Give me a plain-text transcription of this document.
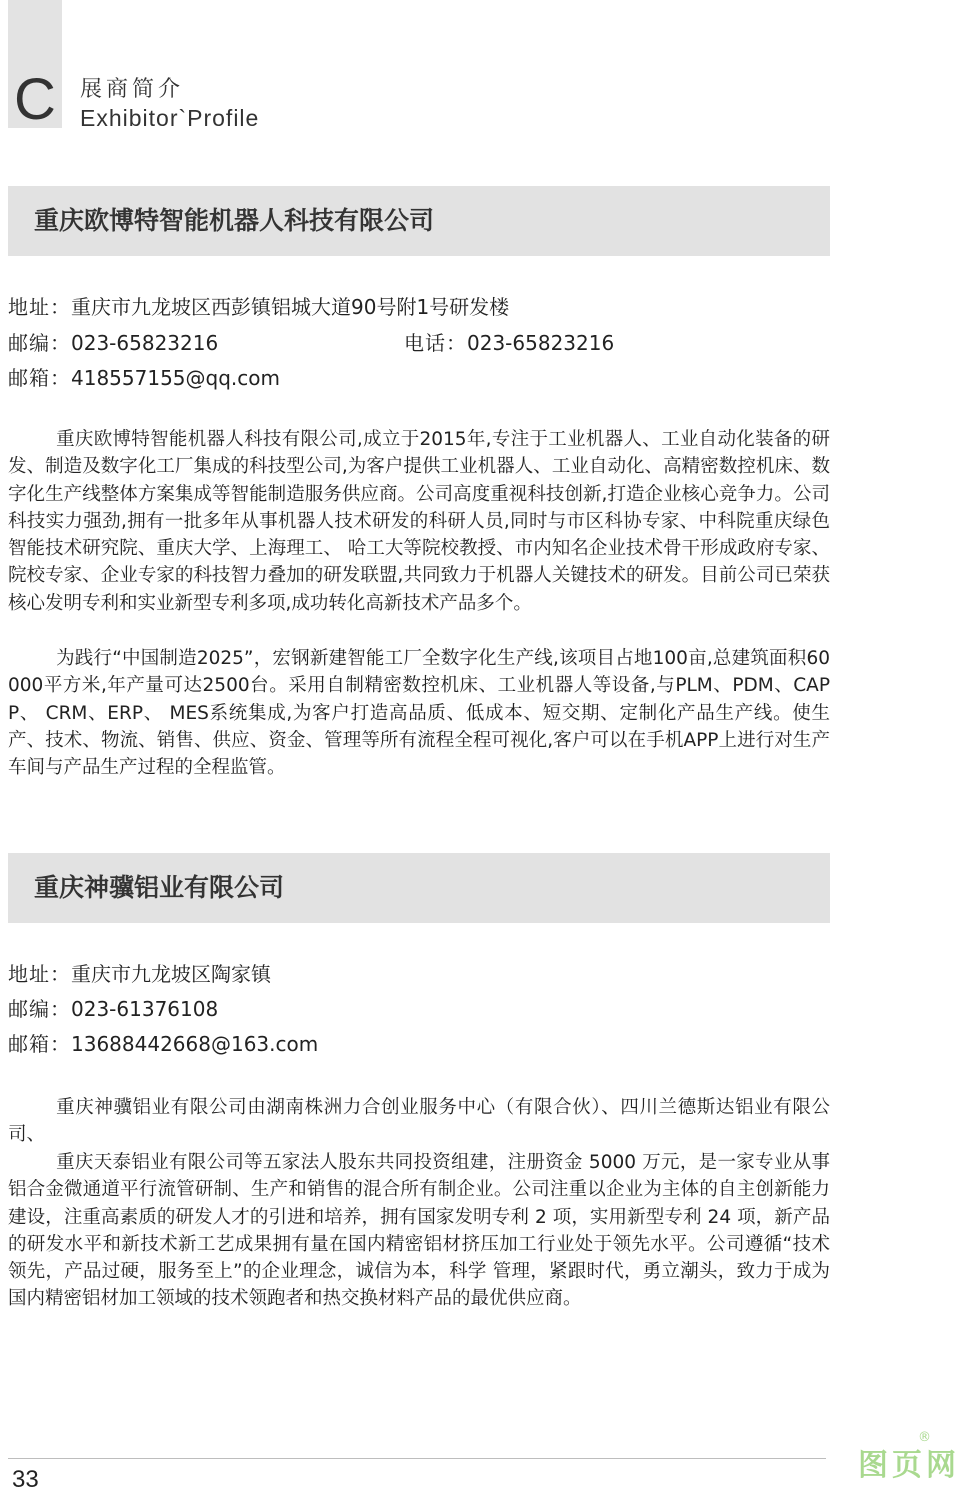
C 展商简介
Exhibitor`Profile
重庆欧博特智能机器人科技有限公司
地址：重庆市九龙坡区西彭镇铝城大道90号附1号研发楼
邮编：023-65823216	电话：023-65823216
邮箱：418557155@qq.com

重庆欧博特智能机器人科技有限公司,成立于2015年,专注于工业机器人、工业自动化装备的研发、制造及数字化工厂集成的科技型公司,为客户提供工业机器人、工业自动化、高精密数控机床、数字化生产线整体方案集成等智能制造服务供应商。公司高度重视科技创新,打造企业核心竞争力。公司科技实力强劲,拥有一批多年从事机器人技术研发的科研人员,同时与市区科协专家、中科院重庆绿色智能技术研究院、重庆大学、上海理工、 哈工大等院校教授、市内知名企业技术骨干形成政府专家、院校专家、企业专家的科技智力叠加的研发联盟,共同致力于机器人关键技术的研发。目前公司已荣获核心发明专利和实业新型专利多项,成功转化高新技术产品多个。

为践行“中国制造2025”，宏钢新建智能工厂全数字化生产线,该项目占地100亩,总建筑面积60000平方米,年产量可达2500台。采用自制精密数控机床、工业机器人等设备,与PLM、PDM、CAPP、 CRM、ERP、 MES系统集成,为客户打造高品质、低成本、短交期、定制化产品生产线。使生产、技术、物流、销售、供应、资金、管理等所有流程全程可视化,客户可以在手机APP上进行对生产车间与产品生产过程的全程监管。

重庆神骥铝业有限公司
地址：重庆市九龙坡区陶家镇
邮编：023-61376108
邮箱：13688442668@163.com

重庆神骥铝业有限公司由湖南株洲力合创业服务中心（有限合伙）、四川兰德斯达铝业有限公司、

重庆天泰铝业有限公司等五家法人股东共同投资组建，注册资金 5000 万元，是一家专业从事铝合金微通道平行流管研制、生产和销售的混合所有制企业。公司注重以企业为主体的自主创新能力建设，注重高素质的研发人才的引进和培养，拥有国家发明专利 2 项，实用新型专利 24 项，新产品的研发水平和新技术新工艺成果拥有量在国内精密铝材挤压加工行业处于领先水平。公司遵循“技术领先，产品过硬，服务至上”的企业理念，诚信为本，科学 管理，紧跟时代，勇立潮头，致力于成为国内精密铝材加工领域的技术领跑者和热交换材料产品的最优供应商。

33	图页网
®
